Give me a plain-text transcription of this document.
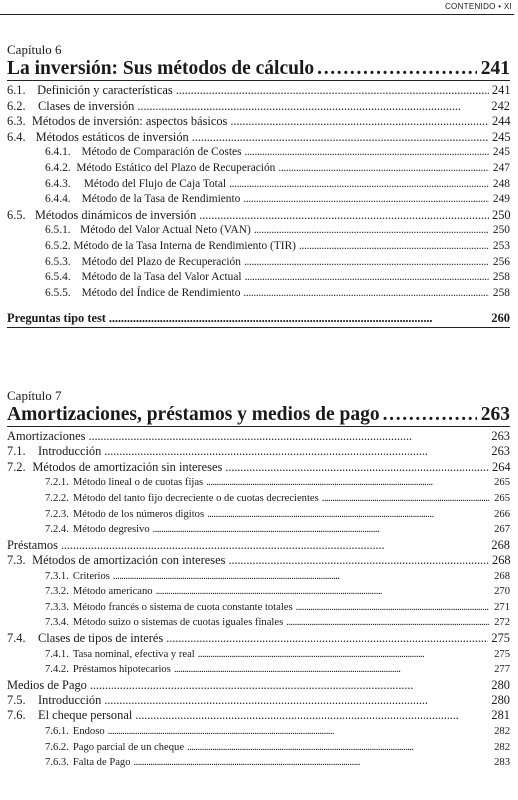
CONTENIDO • XI
Capítulo 6
La inversión: Sus métodos de cálculo . . .	241
6.1. Definición y características . . .	241
6.2.	Clases de inversión . . .	242
6.3. Métodos de inversión: aspectos básicos . . .	244
6.4. Métodos estáticos de inversión . . .	245
6.4.1. Método de Comparación de Costes . . .	245
6.4.2. Método Estático del Plazo de Recuperación . . .	247
6.4.3.	Método del Flujo de Caja Total . . .	248
6.4.4. Método de la Tasa de Rendimiento . . .	249
6.5. Métodos dinámicos de inversión . . .	250
6.5.1. Método del Valor Actual Neto (VAN) . . .	250
6.5.2. Método de la Tasa Interna de Rendimiento (TIR) . . .	253
6.5.3. Método del Plazo de Recuperación . . .	256
6.5.4. Método de la Tasa del Valor Actual . . .	258
6.5.5. Método del Índice de Rendimiento . . .	258
Preguntas tipo test . . .	260
Capítulo 7
Amortizaciones, préstamos y medios de pago . . .	263
Amortizaciones . . .	263
7.1.	Introducción . . .	263
7.2. Métodos de amortización sin intereses . . .	264
7.2.1. Método lineal o de cuotas fijas . . .	265
7.2.2. Método del tanto fijo decreciente o de cuotas decrecientes . . .	265
7.2.3. Método de los números digitos . . .	266
7.2.4. Método degresivo . . .	267
Préstamos . . .	268
7.3. Métodos de amortización con intereses . . .	268
7.3.1. Criterios . . .	268
7.3.2. Método americano . . .	270
7.3.3. Método francés o sistema de cuota constante totales . . .	271
7.3.4. Método suizo o sistemas de cuotas iguales finales . . .	272
7.4.	Clases de tipos de interés . . .	275
7.4.1. Tasa nominal, efectiva y real . . .	275
7.4.2. Préstamos hipotecarios . . .	277
Medios de Pago . . .	280
7.5.	Introducción . . .	280
7.6.	El cheque personal . . .	281
7.6.1. Endoso . . .	282
7.6.2. Pago parcial de un cheque . . .	282
7.6.3. Falta de Pago . . .	283
